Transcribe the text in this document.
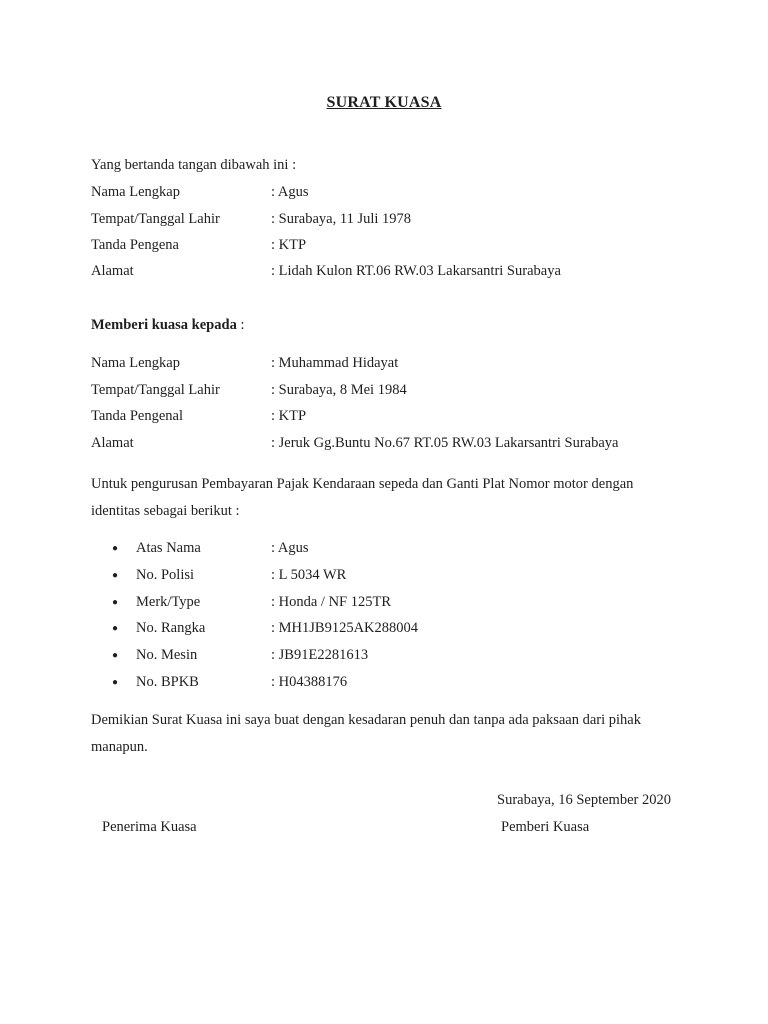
SURAT KUASA
Yang bertanda tangan dibawah ini :
Nama Lengkap	: Agus
Tempat/Tanggal Lahir	: Surabaya, 11 Juli 1978
Tanda Pengena	: KTP
Alamat	: Lidah Kulon RT.06 RW.03 Lakarsantri Surabaya
Memberi kuasa kepada :
Nama Lengkap	: Muhammad Hidayat
Tempat/Tanggal Lahir	: Surabaya, 8 Mei 1984
Tanda Pengenal	: KTP
Alamat	: Jeruk Gg.Buntu No.67 RT.05 RW.03 Lakarsantri Surabaya
Untuk pengurusan Pembayaran Pajak Kendaraan sepeda dan Ganti Plat Nomor motor dengan identitas sebagai berikut :
● Atas Nama	: Agus
● No. Polisi	: L 5034 WR
● Merk/Type	: Honda / NF 125TR
● No. Rangka	: MH1JB9125AK288004
● No. Mesin	: JB91E2281613
● No. BPKB	: H04388176
Demikian Surat Kuasa ini saya buat dengan kesadaran penuh dan tanpa ada paksaan dari pihak manapun.
Surabaya, 16 September 2020
Penerima Kuasa	Pemberi Kuasa
